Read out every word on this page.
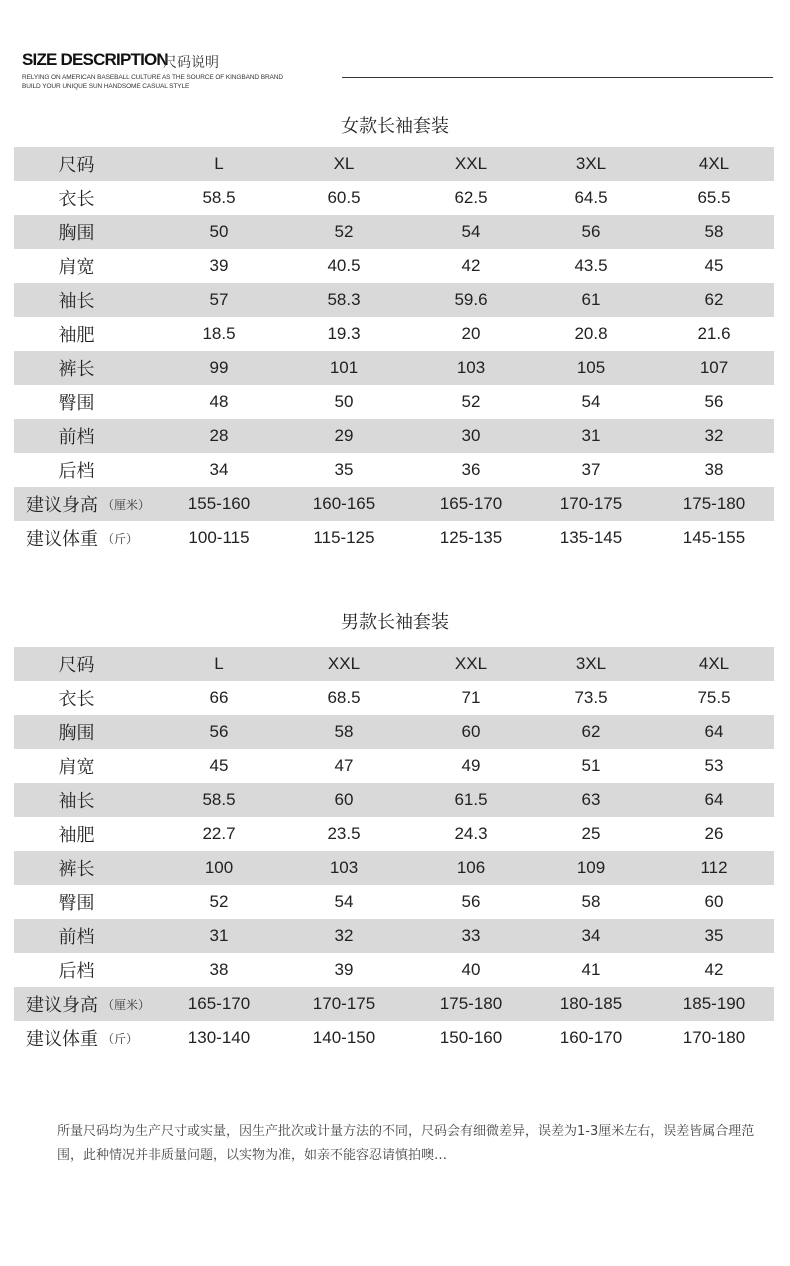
SIZE DESCRIPTION
尺码说明
RELYING ON AMERICAN BASEBALL CULTURE AS THE SOURCE OF KINGBAND BRAND
BUILD YOUR UNIQUE SUN HANDSOME CASUAL STYLE
女款长袖套装
尺码	L	XL	XXL	3XL	4XL
衣长	58.5	60.5	62.5	64.5	65.5
胸围	50	52	54	56	58
肩宽	39	40.5	42	43.5	45
袖长	57	58.3	59.6	61	62
袖肥	18.5	19.3	20	20.8	21.6
裤长	99	101	103	105	107
臀围	48	50	52	54	56
前档	28	29	30	31	32
后档	34	35	36	37	38
建议身高 （厘米）	155-160	160-165	165-170	170-175	175-180
建议体重 （斤）	100-115	115-125	125-135	135-145	145-155
男款长袖套装
尺码	L	XXL	XXL	3XL	4XL
衣长	66	68.5	71	73.5	75.5
胸围	56	58	60	62	64
肩宽	45	47	49	51	53
袖长	58.5	60	61.5	63	64
袖肥	22.7	23.5	24.3	25	26
裤长	100	103	106	109	112
臀围	52	54	56	58	60
前档	31	32	33	34	35
后档	38	39	40	41	42
建议身高 （厘米）	165-170	170-175	175-180	180-185	185-190
建议体重 （斤）	130-140	140-150	150-160	160-170	170-180
所量尺码均为生产尺寸或实量，因生产批次或计量方法的不同，尺码会有细微差异，误差为1-3厘米左右，误差皆属合理范围，此种情况并非质量问题，以实物为准，如亲不能容忍请慎拍噢…
